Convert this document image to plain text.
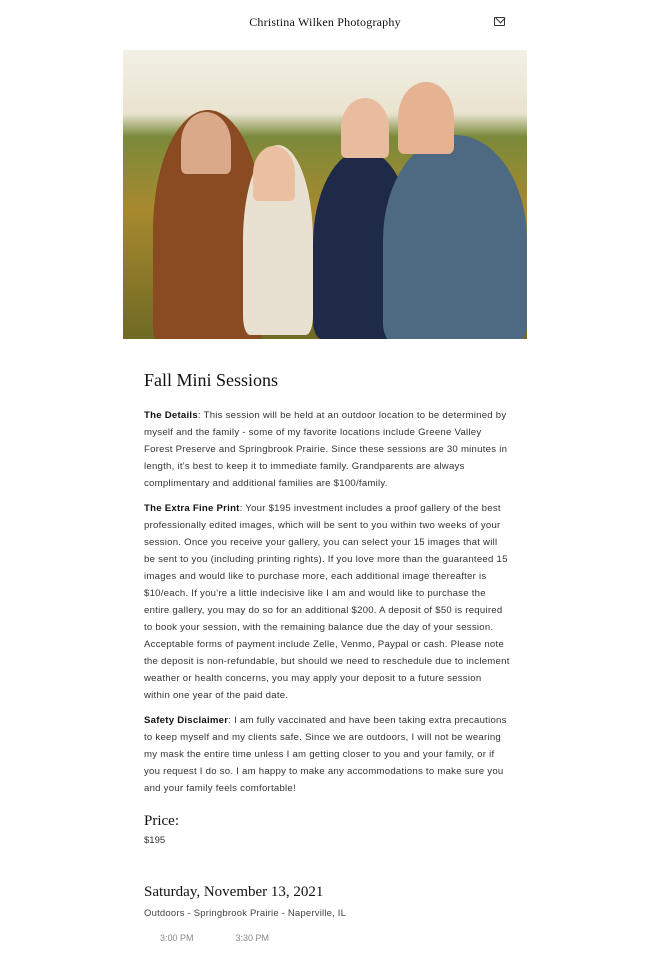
Christina Wilken Photography
Fall Mini Sessions

The Details: This session will be held at an outdoor location to be determined by myself and the family - some of my favorite locations include Greene Valley Forest Preserve and Springbrook Prairie. Since these sessions are 30 minutes in length, it's best to keep it to immediate family. Grandparents are always complimentary and additional families are $100/family.

The Extra Fine Print: Your $195 investment includes a proof gallery of the best professionally edited images, which will be sent to you within two weeks of your session. Once you receive your gallery, you can select your 15 images that will be sent to you (including printing rights). If you love more than the guaranteed 15 images and would like to purchase more, each additional image thereafter is $10/each. If you're a little indecisive like I am and would like to purchase the entire gallery, you may do so for an additional $200. A deposit of $50 is required to book your session, with the remaining balance due the day of your session. Acceptable forms of payment include Zelle, Venmo, Paypal or cash. Please note the deposit is non-refundable, but should we need to reschedule due to inclement weather or health concerns, you may apply your deposit to a future session within one year of the paid date.

Safety Disclaimer: I am fully vaccinated and have been taking extra precautions to keep myself and my clients safe. Since we are outdoors, I will not be wearing my mask the entire time unless I am getting closer to you and your family, or if you request I do so. I am happy to make any accommodations to make sure you and your family feels comfortable!

Price:
$195
Saturday, November 13, 2021
Outdoors - Springbrook Prairie - Naperville, IL
3:00 PM	3:30 PM
